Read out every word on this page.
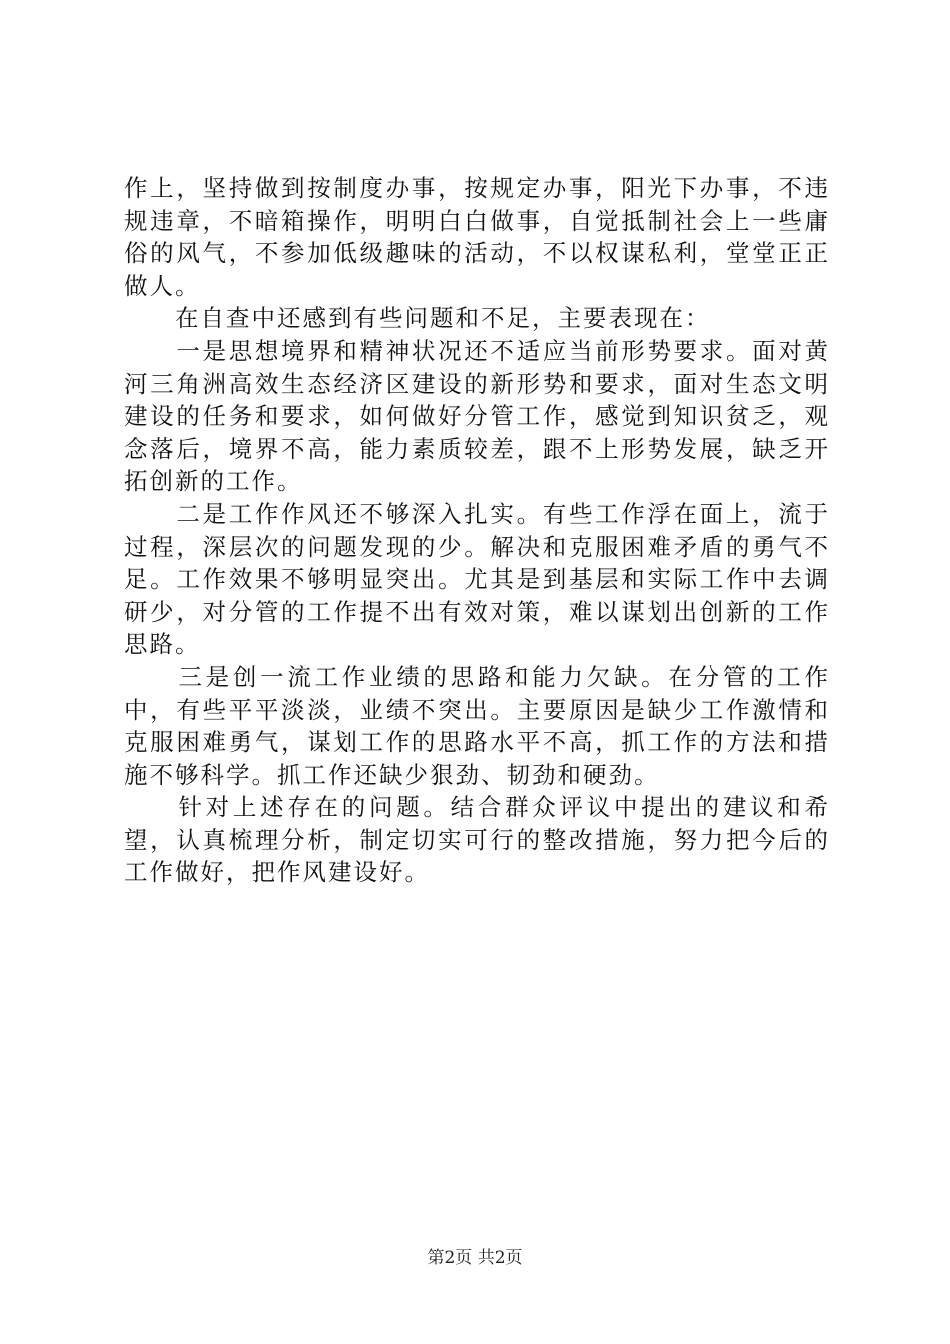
作上，坚持做到按制度办事，按规定办事，阳光下办事，不违规违章，不暗箱操作，明明白白做事，自觉抵制社会上一些庸俗的风气，不参加低级趣味的活动，不以权谋私利，堂堂正正做人。

　　在自查中还感到有些问题和不足，主要表现在：

　　一是思想境界和精神状况还不适应当前形势要求。面对黄河三角洲高效生态经济区建设的新形势和要求，面对生态文明建设的任务和要求，如何做好分管工作，感觉到知识贫乏，观念落后，境界不高，能力素质较差，跟不上形势发展，缺乏开拓创新的工作。

　　二是工作作风还不够深入扎实。有些工作浮在面上，流于过程，深层次的问题发现的少。解决和克服困难矛盾的勇气不足。工作效果不够明显突出。尤其是到基层和实际工作中去调研少，对分管的工作提不出有效对策，难以谋划出创新的工作思路。

　　三是创一流工作业绩的思路和能力欠缺。在分管的工作中，有些平平淡淡，业绩不突出。主要原因是缺少工作激情和克服困难勇气，谋划工作的思路水平不高，抓工作的方法和措施不够科学。抓工作还缺少狠劲、韧劲和硬劲。

　　针对上述存在的问题。结合群众评议中提出的建议和希望，认真梳理分析，制定切实可行的整改措施，努力把今后的工作做好，把作风建设好。

第2页 共2页
